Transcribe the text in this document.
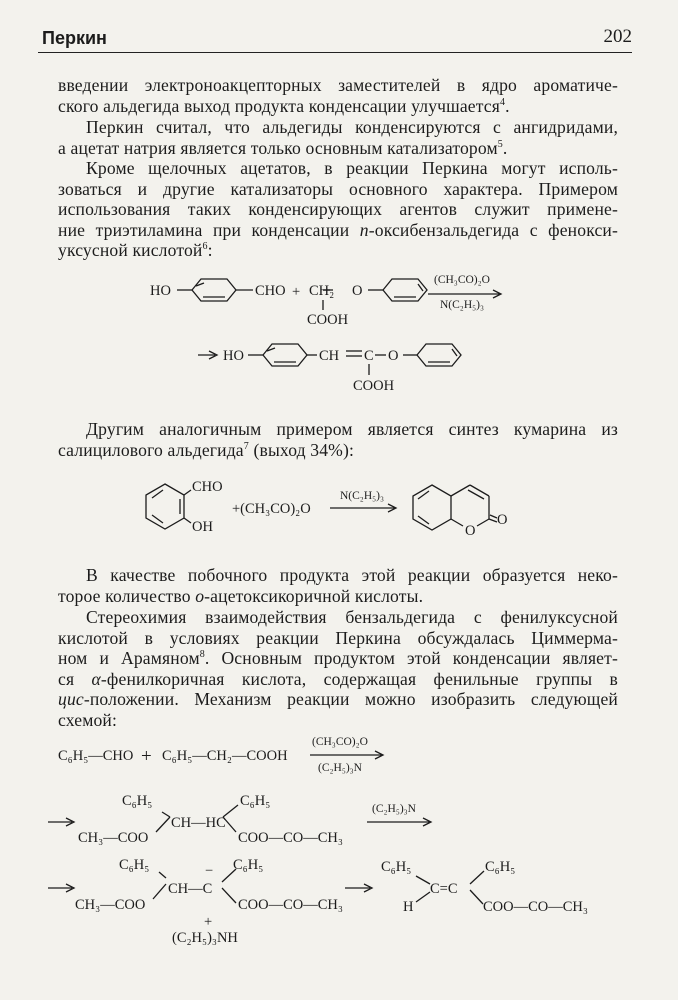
Перкин	202
введении электроноакцепторных заместителей в ядро ароматиче-
ского альдегида выход продукта конденсации улучшается$^4$.
Перкин считал, что альдегиды конденсируются с ангидридами,
а ацетат натрия является только основным катализатором$^5$.
Кроме щелочных ацетатов, в реакции Перкина могут исполь-
зоваться и другие катализаторы основного характера. Примером
использования таких конденсирующих агентов служит примене-
ние триэтиламина при конденсации п-оксибензальдегида с фенокси-
уксусной кислотой$^6$:
Другим аналогичным примером является синтез кумарина из
салицилового альдегида$^7$ (выход 34%):
В качестве побочного продукта этой реакции образуется неко-
торое количество о-ацетоксикоричной кислоты.
Стереохимия взаимодействия бензальдегида с фенилуксусной
кислотой в условиях реакции Перкина обсуждалась Циммерма-
ном и Арамяном$^8$. Основным продуктом этой конденсации являет-
ся α-фенилкоричная кислота, содержащая фенильные группы в
цис-положении. Механизм реакции можно изобразить следующей
схемой:
HO	CHO + CH₂ O
COOH
(CH₃CO)₂O
N(C₂H₅)₃
HO	CH C O
COOH
CHO
OH
+(CH₃CO)₂O
N(C₂H₅)₃
O
O
C₆H₅—CHO + C₆H₅—CH₂—COOH
(CH₃CO)₂O
(C₂H₅)₃N
C₆H₅	C₆H₅
CH₃—COO
CH—HC
COO—CO—CH₃
(C₂H₅)₃N
C₆H₅	C₆H₅
CH₃—COO
CH—C
−
COO—CO—CH₃
+
(C₂H₅)₃NH
C₆H₅	C₆H₅
H
C=C
COO—CO—CH₃
